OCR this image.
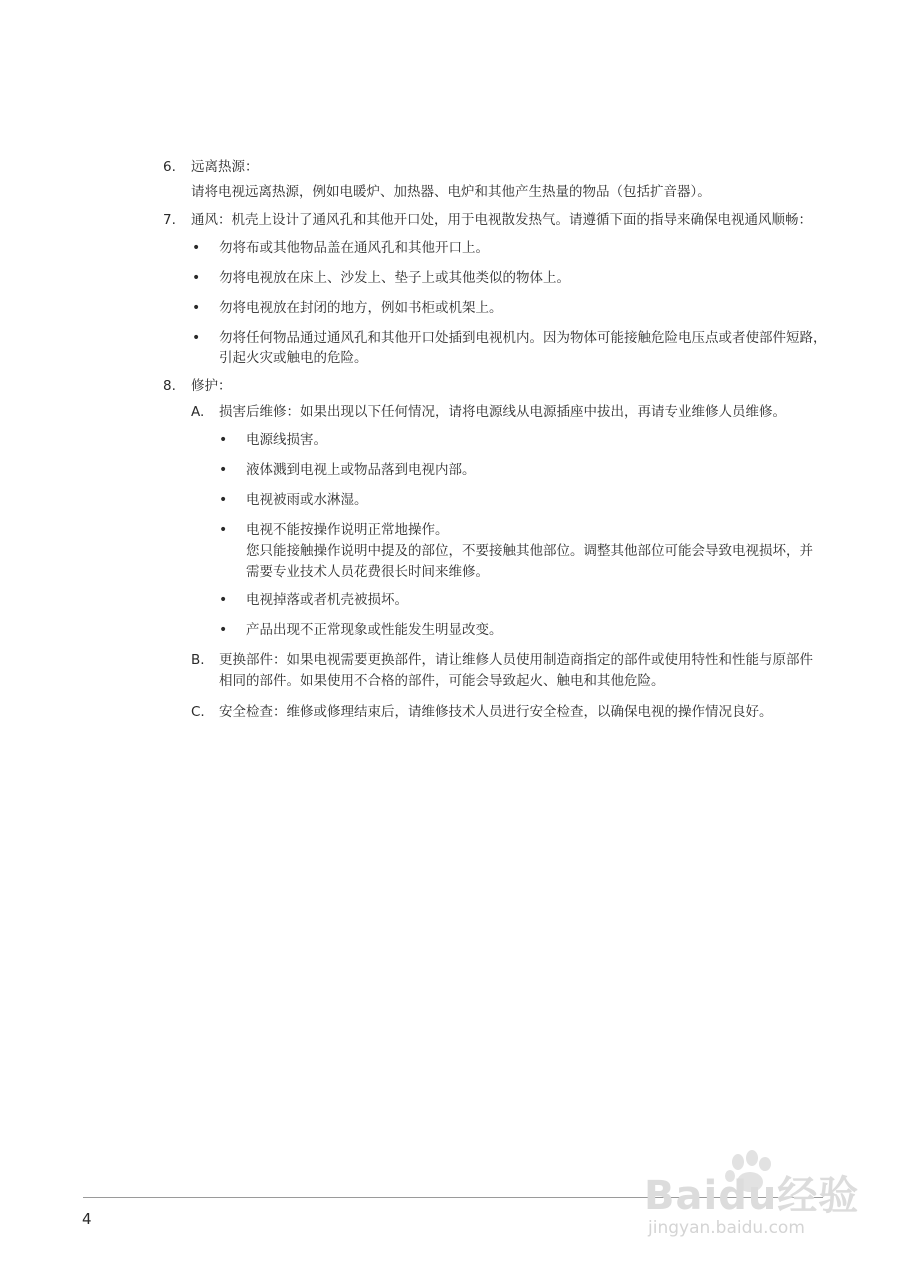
6. 远离热源：
请将电视远离热源，例如电暖炉、加热器、电炉和其他产生热量的物品（包括扩音器）。
7. 通风：机壳上设计了通风孔和其他开口处，用于电视散发热气。请遵循下面的指导来确保电视通风顺畅：
• 勿将布或其他物品盖在通风孔和其他开口上。
• 勿将电视放在床上、沙发上、垫子上或其他类似的物体上。
• 勿将电视放在封闭的地方，例如书柜或机架上。
• 勿将任何物品通过通风孔和其他开口处插到电视机内。因为物体可能接触危险电压点或者使部件短路，
引起火灾或触电的危险。
8. 修护：
A. 损害后维修：如果出现以下任何情况，请将电源线从电源插座中拔出，再请专业维修人员维修。
• 电源线损害。
• 液体溅到电视上或物品落到电视内部。
• 电视被雨或水淋湿。
• 电视不能按操作说明正常地操作。
您只能接触操作说明中提及的部位，不要接触其他部位。调整其他部位可能会导致电视损坏，并
需要专业技术人员花费很长时间来维修。
• 电视掉落或者机壳被损坏。
• 产品出现不正常现象或性能发生明显改变。
B. 更换部件：如果电视需要更换部件，请让维修人员使用制造商指定的部件或使用特性和性能与原部件
相同的部件。如果使用不合格的部件，可能会导致起火、触电和其他危险。
C. 安全检查：维修或修理结束后，请维修技术人员进行安全检查，以确保电视的操作情况良好。
4	Baidu经验
jingyan.baidu.com
